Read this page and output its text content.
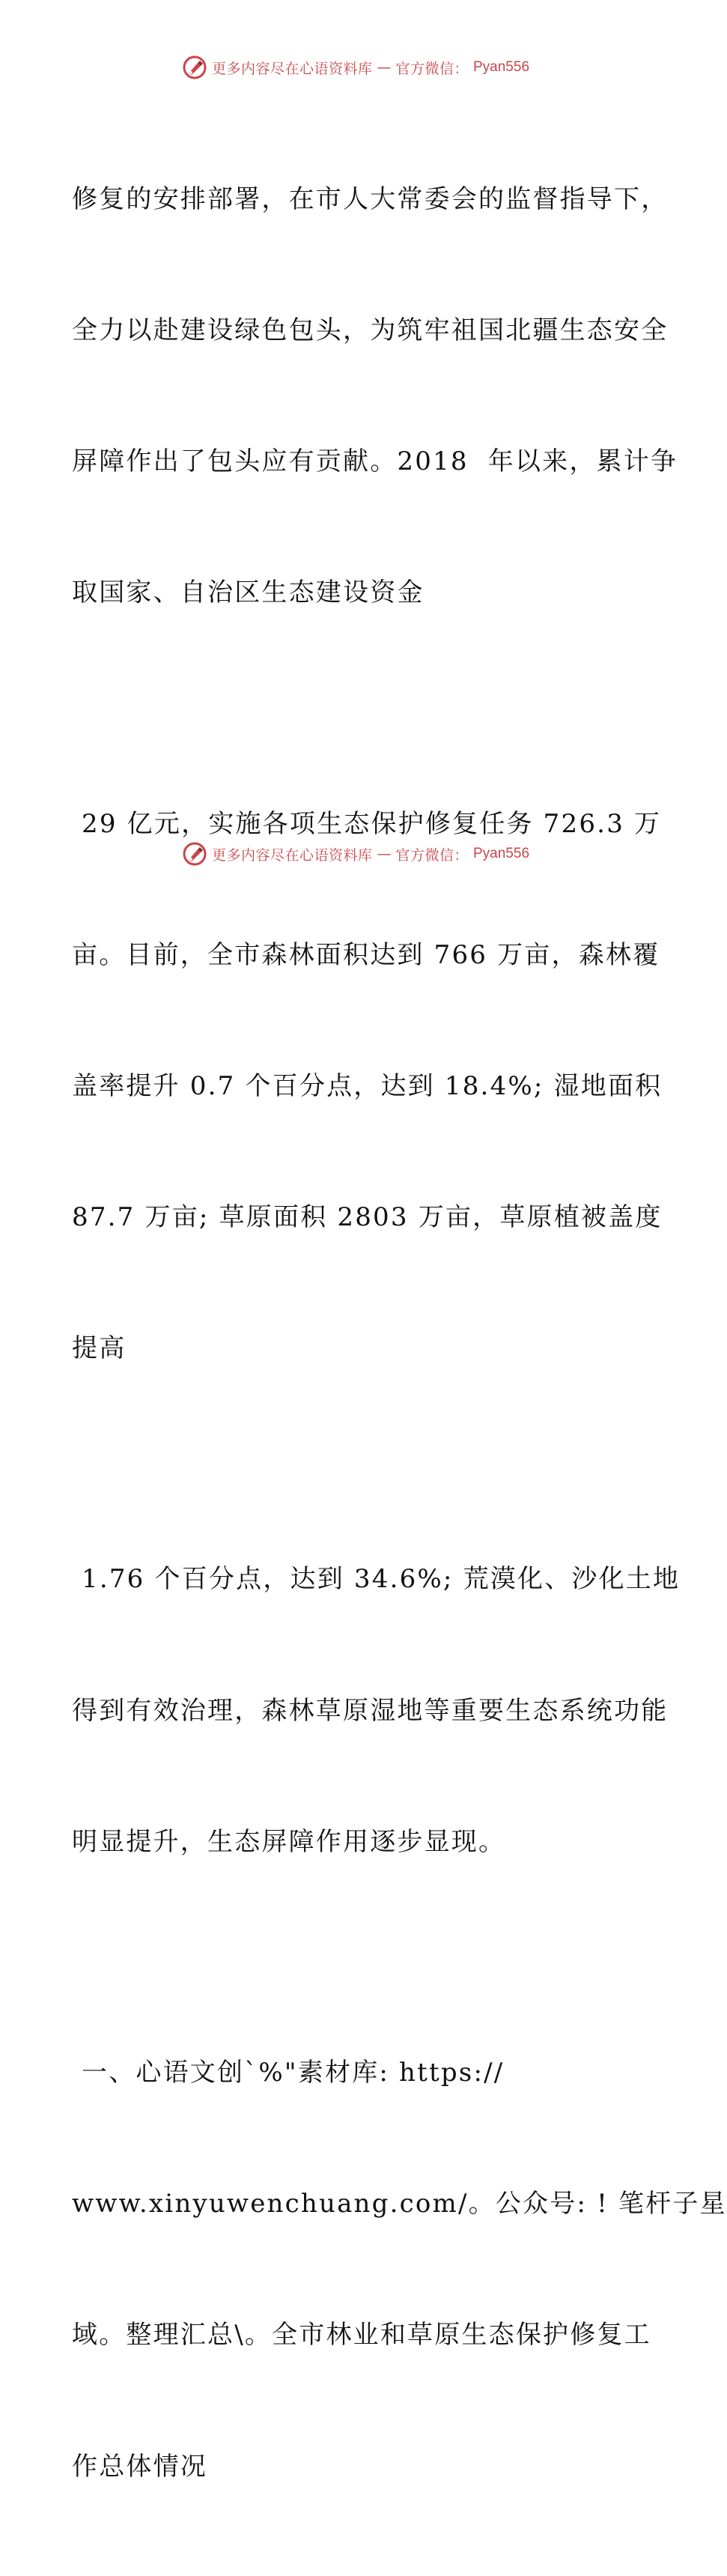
更多内容尽在心语资料库 — 官方微信： Pyan556

修复的安排部署，在市人大常委会的监督指导下，

全力以赴建设绿色包头，为筑牢祖国北疆生态安全

屏障作出了包头应有贡献。2018  年以来，累计争

取国家、自治区生态建设资金

29 亿元，实施各项生态保护修复任务 726.3 万

亩。目前，全市森林面积达到 766 万亩，森林覆

盖率提升 0.7 个百分点，达到 18.4%; 湿地面积

87.7 万亩; 草原面积 2803 万亩，草原植被盖度

提高

1.76 个百分点，达到 34.6%; 荒漠化、沙化土地

得到有效治理，森林草原湿地等重要生态系统功能

明显提升，生态屏障作用逐步显现。

一、心语文创`%"素材库: https://

www.xinyuwenchuang.com/。公众号: ! 笔杆子星

域。整理汇总\。全市林业和草原生态保护修复工

作总体情况

更多内容尽在心语资料库 — 官方微信： Pyan556
